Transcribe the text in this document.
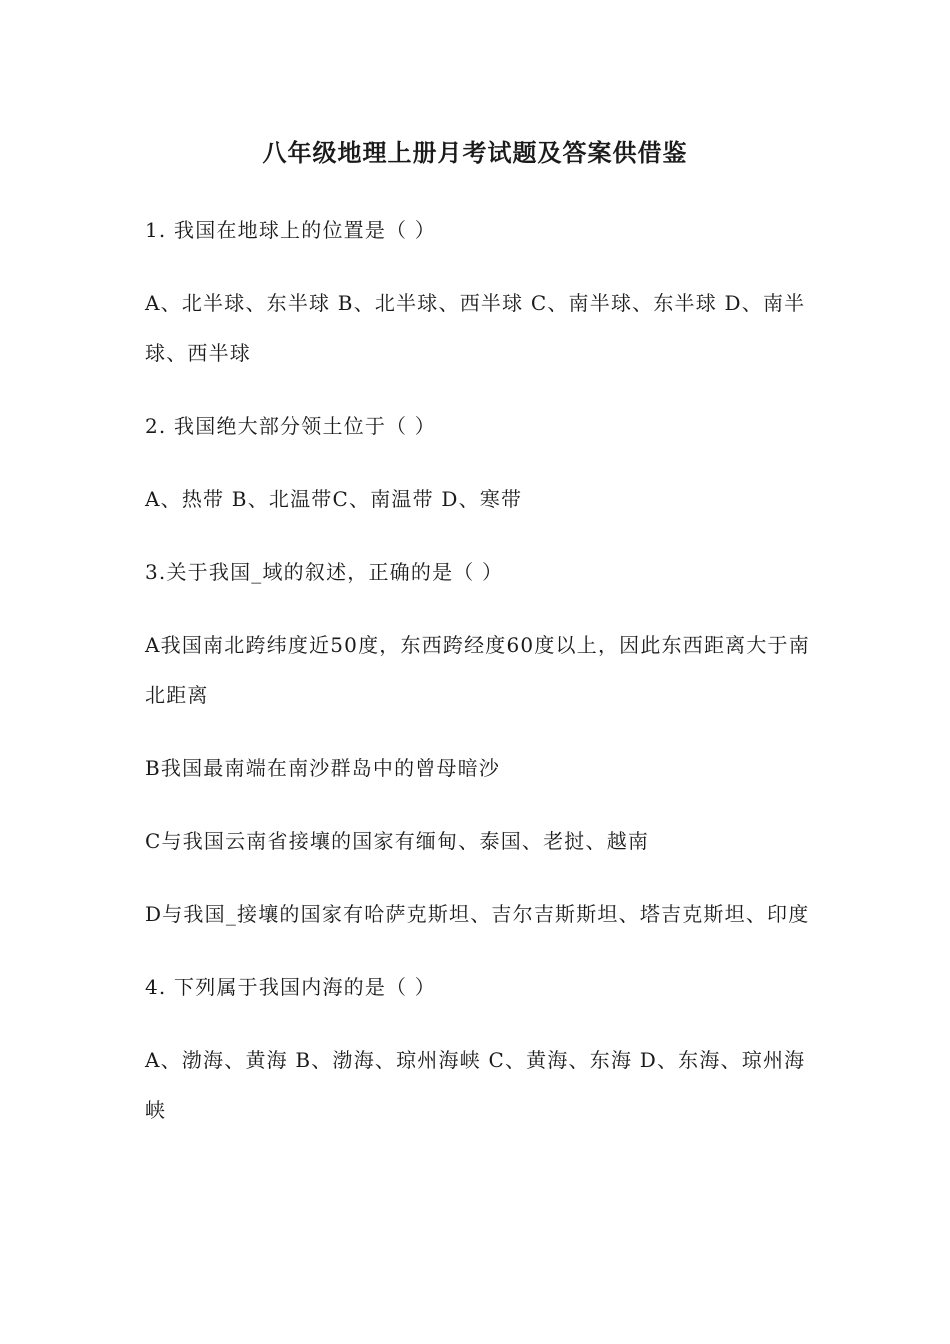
八年级地理上册月考试题及答案供借鉴

1. 我国在地球上的位置是（ ）

A、北半球、东半球 B、北半球、西半球 C、南半球、东半球 D、南半球、西半球

2. 我国绝大部分领土位于（ ）

A、热带 B、北温带C、南温带 D、寒带

3.关于我国_域的叙述，正确的是（ ）

A我国南北跨纬度近50度，东西跨经度60度以上，因此东西距离大于南北距离

B我国最南端在南沙群岛中的曾母暗沙

C与我国云南省接壤的国家有缅甸、泰国、老挝、越南

D与我国_接壤的国家有哈萨克斯坦、吉尔吉斯斯坦、塔吉克斯坦、印度

4. 下列属于我国内海的是（ ）

A、渤海、黄海 B、渤海、琼州海峡 C、黄海、东海 D、东海、琼州海峡
